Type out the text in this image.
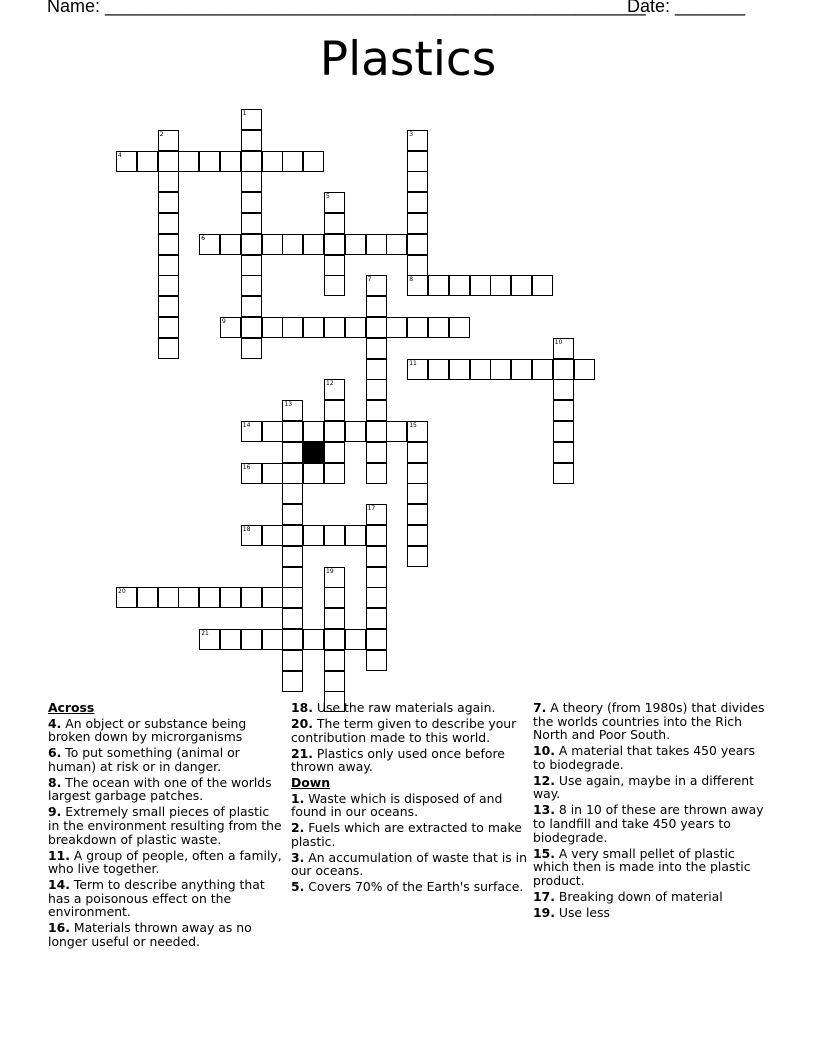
Name: ______________________________________________________
Date: _______
Plastics
1
2	3
4
5
6
7	8
9
10
11
12
13
14	15
16
17
18
19
20
21
Across
4. An object or substance being broken down by microrganisms
6. To put something (animal or human) at risk or in danger.
8. The ocean with one of the worlds largest garbage patches.
9. Extremely small pieces of plastic in the environment resulting from the breakdown of plastic waste.
11. A group of people, often a family, who live together.
14. Term to describe anything that has a poisonous effect on the environment.
16. Materials thrown away as no longer useful or needed.
18. Use the raw materials again.
20. The term given to describe your contribution made to this world.
21. Plastics only used once before thrown away.
Down
1. Waste which is disposed of and found in our oceans.
2. Fuels which are extracted to make plastic.
3. An accumulation of waste that is in our oceans.
5. Covers 70% of the Earth's surface.
7. A theory (from 1980s) that divides the worlds countries into the Rich North and Poor South.
10. A material that takes 450 years to biodegrade.
12. Use again, maybe in a different way.
13. 8 in 10 of these are thrown away to landfill and take 450 years to biodegrade.
15. A very small pellet of plastic which then is made into the plastic product.
17. Breaking down of material
19. Use less
